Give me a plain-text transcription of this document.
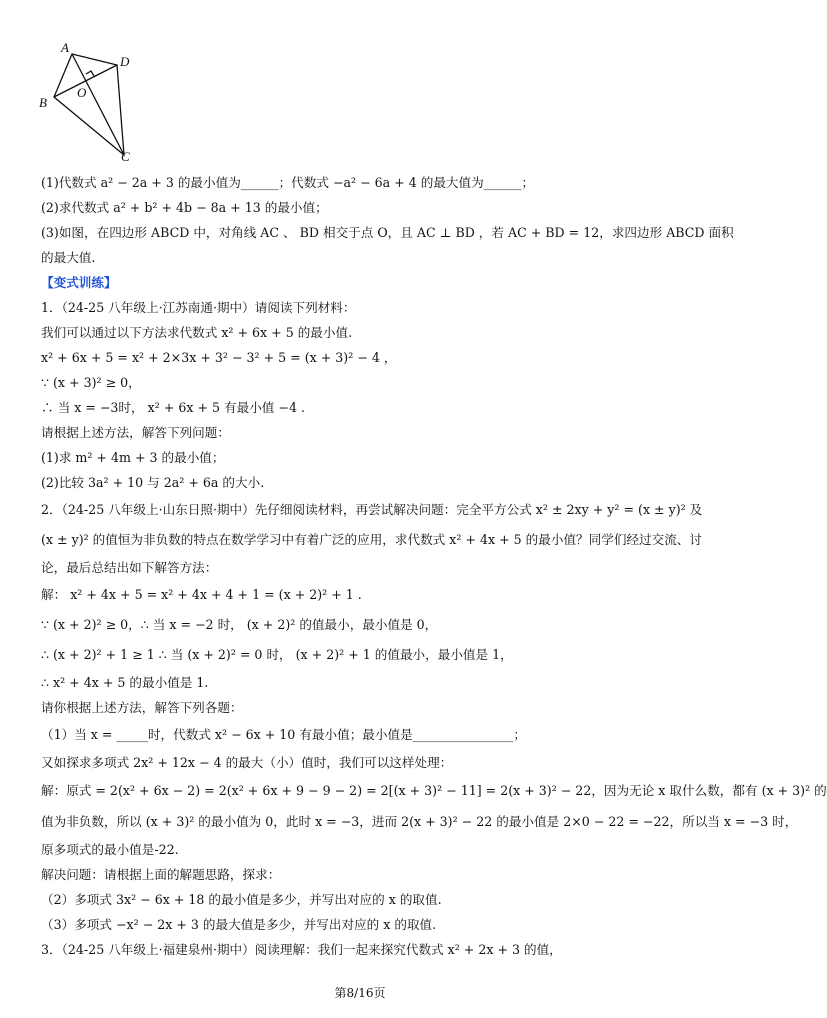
A
D
O
B
C
(1)代数式 a² − 2a + 3 的最小值为______；代数式 −a² − 6a + 4 的最大值为______；
(2)求代数式 a² + b² + 4b − 8a + 13 的最小值；
(3)如图，在四边形 ABCD 中，对角线 AC 、 BD 相交于点 O，且 AC ⊥ BD ，若 AC + BD = 12，求四边形 ABCD 面积
的最大值.
【变式训练】
1．（24-25 八年级上·江苏南通·期中）请阅读下列材料：
我们可以通过以下方法求代数式 x² + 6x + 5 的最小值.
x² + 6x + 5 = x² + 2×3x + 3² − 3² + 5 = (x + 3)² − 4 ，
∵ (x + 3)² ≥ 0，
∴ 当 x = −3时， x² + 6x + 5 有最小值 −4 .
请根据上述方法，解答下列问题：
(1)求 m² + 4m + 3 的最小值；
(2)比较 3a² + 10 与 2a² + 6a 的大小.
2．（24-25 八年级上·山东日照·期中）先仔细阅读材料，再尝试解决问题：完全平方公式 x² ± 2xy + y² = (x ± y)² 及
(x ± y)² 的值恒为非负数的特点在数学学习中有着广泛的应用，求代数式 x² + 4x + 5 的最小值？同学们经过交流、讨
论，最后总结出如下解答方法：
解： x² + 4x + 5 = x² + 4x + 4 + 1 = (x + 2)² + 1 .
∵ (x + 2)² ≥ 0，∴ 当 x = −2 时， (x + 2)² 的值最小，最小值是 0，
∴ (x + 2)² + 1 ≥ 1 ∴ 当 (x + 2)² = 0 时， (x + 2)² + 1 的值最小，最小值是 1，
∴ x² + 4x + 5 的最小值是 1.
请你根据上述方法，解答下列各题：
（1）当 x = _____时，代数式 x² − 6x + 10 有最小值；最小值是________________；
又如探求多项式 2x² + 12x − 4 的最大（小）值时，我们可以这样处理：
解：原式 = 2(x² + 6x − 2) = 2(x² + 6x + 9 − 9 − 2) = 2[(x + 3)² − 11] = 2(x + 3)² − 22，因为无论 x 取什么数，都有 (x + 3)² 的
值为非负数，所以 (x + 3)² 的最小值为 0，此时 x = −3，进而 2(x + 3)² − 22 的最小值是 2×0 − 22 = −22，所以当 x = −3 时，
原多项式的最小值是-22.
解决问题：请根据上面的解题思路，探求：
（2）多项式 3x² − 6x + 18 的最小值是多少，并写出对应的 x 的取值.
（3）多项式 −x² − 2x + 3 的最大值是多少，并写出对应的 x 的取值.
3．（24-25 八年级上·福建泉州·期中）阅读理解：我们一起来探究代数式 x² + 2x + 3 的值，
第8/16页
